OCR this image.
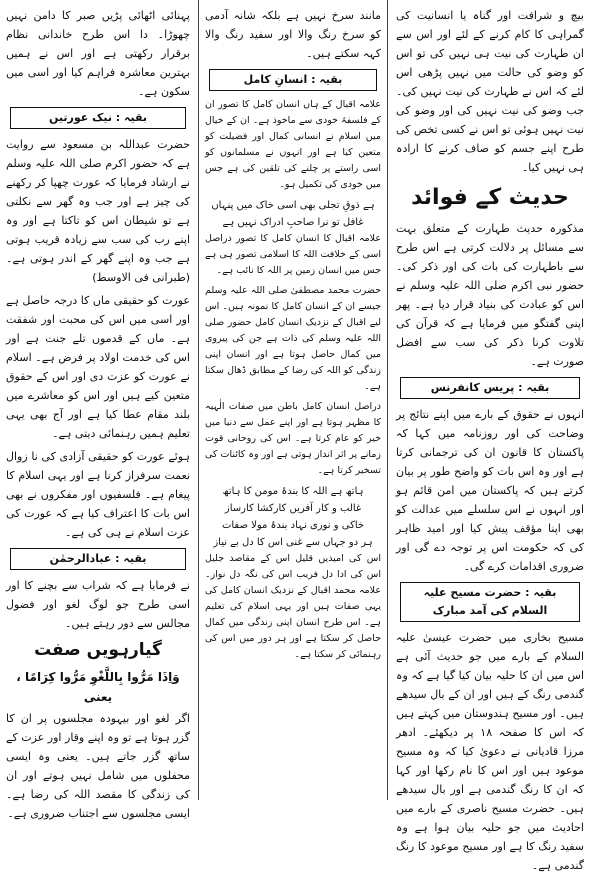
بیچ و شرافت اور گناہ یا انسانیت کی گمراہی کا کام کرنے کے لئے اور اس سے ان طہارت کی نیت ہی نہیں کی تو اس کو وضو کی حالت میں نہیں پڑھی اس لئے کہ اس نے طہارت کی نیت نہیں کی۔ جب وضو کی نیت نہیں کی اور وضو کی نیت نہیں ہوئی تو اس نے کسی تخص کی طرح اپنے جسم کو صاف کرنے کا ارادہ ہی نہیں کیا۔

حدیث کے فوائد

مذکورہ حدیث طہارت کے متعلق بہت سے مسائل پر دلالت کرتی ہے اس طرح سے باطہارت کی بات کی اور ذکر کی۔ حضور نبی اکرم صلی اللہ علیہ وسلم نے اس کو عبادت کی بنیاد قرار دیا ہے۔ پھر اپنی گفتگو میں فرمایا ہے کہ قرآن کی تلاوت کرنا ذکر کی سب سے افضل صورت ہے۔

بقیہ : پریس کانفرنس

انہوں نے حقوق کے بارے میں اپنے نتائج پر وضاحت کی اور روزنامہ میں کہا کہ پاکستان کا قانون ان کی ترجمانی کرتا ہے اور وہ اس بات کو واضح طور پر بیان کرتے ہیں کہ پاکستان میں امن قائم ہو اور انہوں نے اس سلسلے میں عدالت کو بھی اپنا مؤقف پیش کیا اور امید ظاہر کی کہ حکومت اس پر توجہ دے گی اور ضروری اقدامات کرے گی۔

بقیہ : حضرت مسیح علیہ السلام کی آمد مبارک

مسیح بخاری میں حضرت عیسیٰ علیہ السلام کے بارے میں جو حدیث آئی ہے اس میں ان کا حلیہ بیان کیا گیا ہے کہ وہ گندمی رنگ کے ہیں اور ان کے بال سیدھے ہیں۔ اور مسیح ہندوستان میں کہتے ہیں کہ اس کا صفحہ ۱۸ پر دیکھئے۔ ادھر مرزا قادیانی نے دعویٰ کیا کہ وہ مسیح موعود ہیں اور اس کا نام رکھا اور کہا کہ ان کا رنگ گندمی ہے اور بال سیدھے ہیں۔ حضرت مسیح ناصری کے بارے میں احادیث میں جو حلیہ بیان ہوا ہے وہ سفید رنگ کا ہے اور مسیح موعود کا رنگ گندمی ہے۔

مانند سرخ نہیں ہے بلکہ شانہ آدمی کو سرخ رنگ والا اور سفید رنگ والا کہہ سکتے ہیں۔

بقیہ : انسانِ کامل

علامہ اقبال کے ہاں انسان کامل کا تصور ان کے فلسفۂ خودی سے ماخوذ ہے۔ ان کے خیال میں اسلام نے انسانی کمال اور فضیلت کو متعین کیا ہے اور انہوں نے مسلمانوں کو اسی راستے پر چلنے کی تلقین کی ہے جس میں خودی کی تکمیل ہو۔

ہے ذوقِ تجلی بھی اسی خاک میں پنہاں

غافل تو نرا صاحبِ ادراک نہیں ہے

علامہ اقبال کا انسان کامل کا تصور دراصل اسی کے خلافت اللہ کا اسلامی تصور ہی ہے جس میں انسان زمین پر اللہ کا نائب ہے۔

حضرت محمد مصطفیٰ صلی اللہ علیہ وسلم جیسے ان کے انسان کامل کا نمونہ ہیں۔ اس لیے اقبال کے نزدیک انسان کامل حضور صلی اللہ علیہ وسلم کی ذات ہے جن کی پیروی میں کمال حاصل ہوتا ہے اور انسان اپنی زندگی کو اللہ کی رضا کے مطابق ڈھال سکتا ہے۔

دراصل انسان کامل باطن میں صفات الٰہیہ کا مظہر ہوتا ہے اور اپنے عمل سے دنیا میں خیر کو عام کرتا ہے۔ اس کی روحانی قوت زمانے پر اثر انداز ہوتی ہے اور وہ کائنات کی تسخیر کرتا ہے۔

ہاتھ ہے اللہ کا بندۂ مومن کا ہاتھ

غالب و کار آفریں کارکشا کارساز

خاکی و نوری نہاد بندۂ مولا صفات

ہر دو جہاں سے غنی اس کا دل بے نیاز

اس کی امیدیں قلیل اس کے مقاصد جلیل اس کی ادا دل فریب اس کی نگہ دل نواز۔ علامہ محمد اقبال کے نزدیک انسان کامل کی یہی صفات ہیں اور یہی اسلام کی تعلیم ہے۔ اس طرح انسان اپنی زندگی میں کمال حاصل کر سکتا ہے اور ہر دور میں اس کی رہنمائی کر سکتا ہے۔

پہنائی اٹھائی پڑیں صبر کا دامن نہیں چھوڑا۔ دا اس طرح خاندانی نظام برقرار رکھتی ہے اور اس نے ہمیں بہترین معاشرہ فراہم کیا اور اسی میں سکون ہے۔

بقیہ : نیک عورتیں

حضرت عبداللہ بن مسعود سے روایت ہے کہ حضور اکرم صلی اللہ علیہ وسلم نے ارشاد فرمایا کہ عورت چھپا کر رکھنے کی چیز ہے اور جب وہ گھر سے نکلتی ہے تو شیطان اس کو تاکتا ہے اور وہ اپنے رب کی سب سے زیادہ قریب ہوتی ہے جب وہ اپنے گھر کے اندر ہوتی ہے۔ (طبرانی فی الاوسط)

عورت کو حقیقی ماں کا درجہ حاصل ہے اور اسی میں اس کی محبت اور شفقت ہے۔ ماں کے قدموں تلے جنت ہے اور اس کی خدمت اولاد پر فرض ہے۔ اسلام نے عورت کو عزت دی اور اس کے حقوق متعین کیے ہیں اور اس کو معاشرے میں بلند مقام عطا کیا ہے اور آج بھی یہی تعلیم ہمیں رہنمائی دیتی ہے۔

ہوئے عورت کو حقیقی آزادی کی نا زوال نعمت سرفراز کرنا ہے اور یہی اسلام کا پیغام ہے۔ فلسفیوں اور مفکروں نے بھی اس بات کا اعتراف کیا ہے کہ عورت کی عزت اسلام نے ہی کی ہے۔

بقیہ : عبادالرحمٰن

نے فرمایا ہے کہ شراب سے بچنے کا اور اسی طرح جو لوگ لغو اور فضول مجالس سے دور رہتے ہیں۔

گیارہویں صفت
وَاِذَا مَرُّوا بِاللَّغْوِ مَرُّوا كِرَامًا ، یعنی

اگر لغو اور بیہودہ مجلسوں پر ان کا گزر ہوتا ہے تو وہ اپنے وقار اور عزت کے ساتھ گزر جاتے ہیں۔ یعنی وہ ایسی محفلوں میں شامل نہیں ہوتے اور ان کی زندگی کا مقصد اللہ کی رضا ہے۔ ایسی مجلسوں سے اجتناب ضروری ہے۔
